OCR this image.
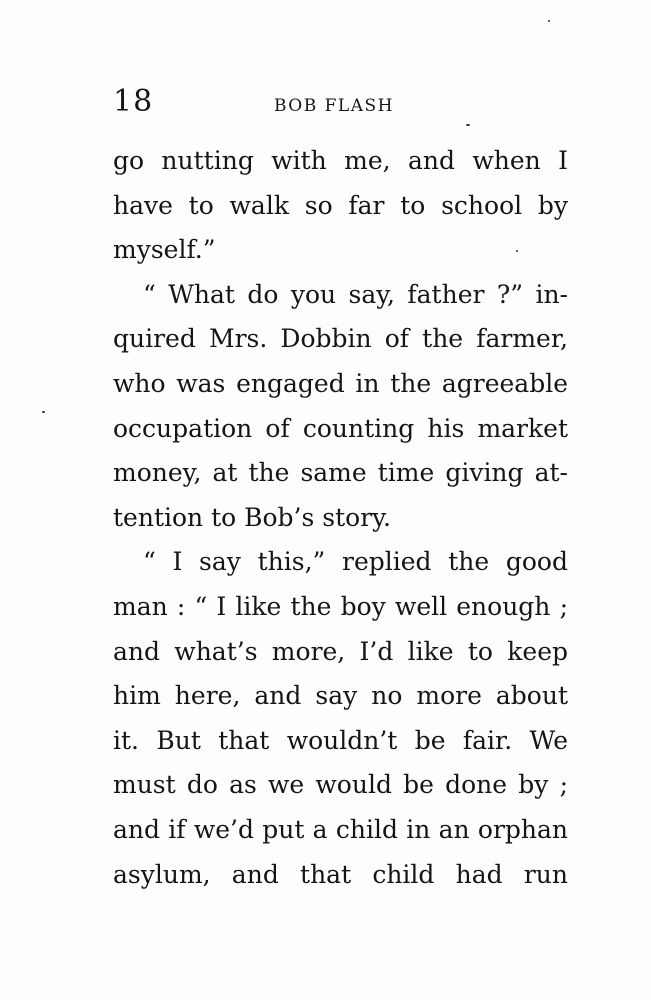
18	BOB FLASH
go nutting with me, and when I
have to walk so far to school by
myself.”
“ What do you say, father ?” in-
quired Mrs. Dobbin of the farmer,
who was engaged in the agreeable
occupation of counting his market
money, at the same time giving at-
tention to Bob’s story.
“ I say this,” replied the good
man : “ I like the boy well enough ;
and what’s more, I’d like to keep
him here, and say no more about
it. But that wouldn’t be fair. We
must do as we would be done by ;
and if we’d put a child in an orphan
asylum, and that child had run
